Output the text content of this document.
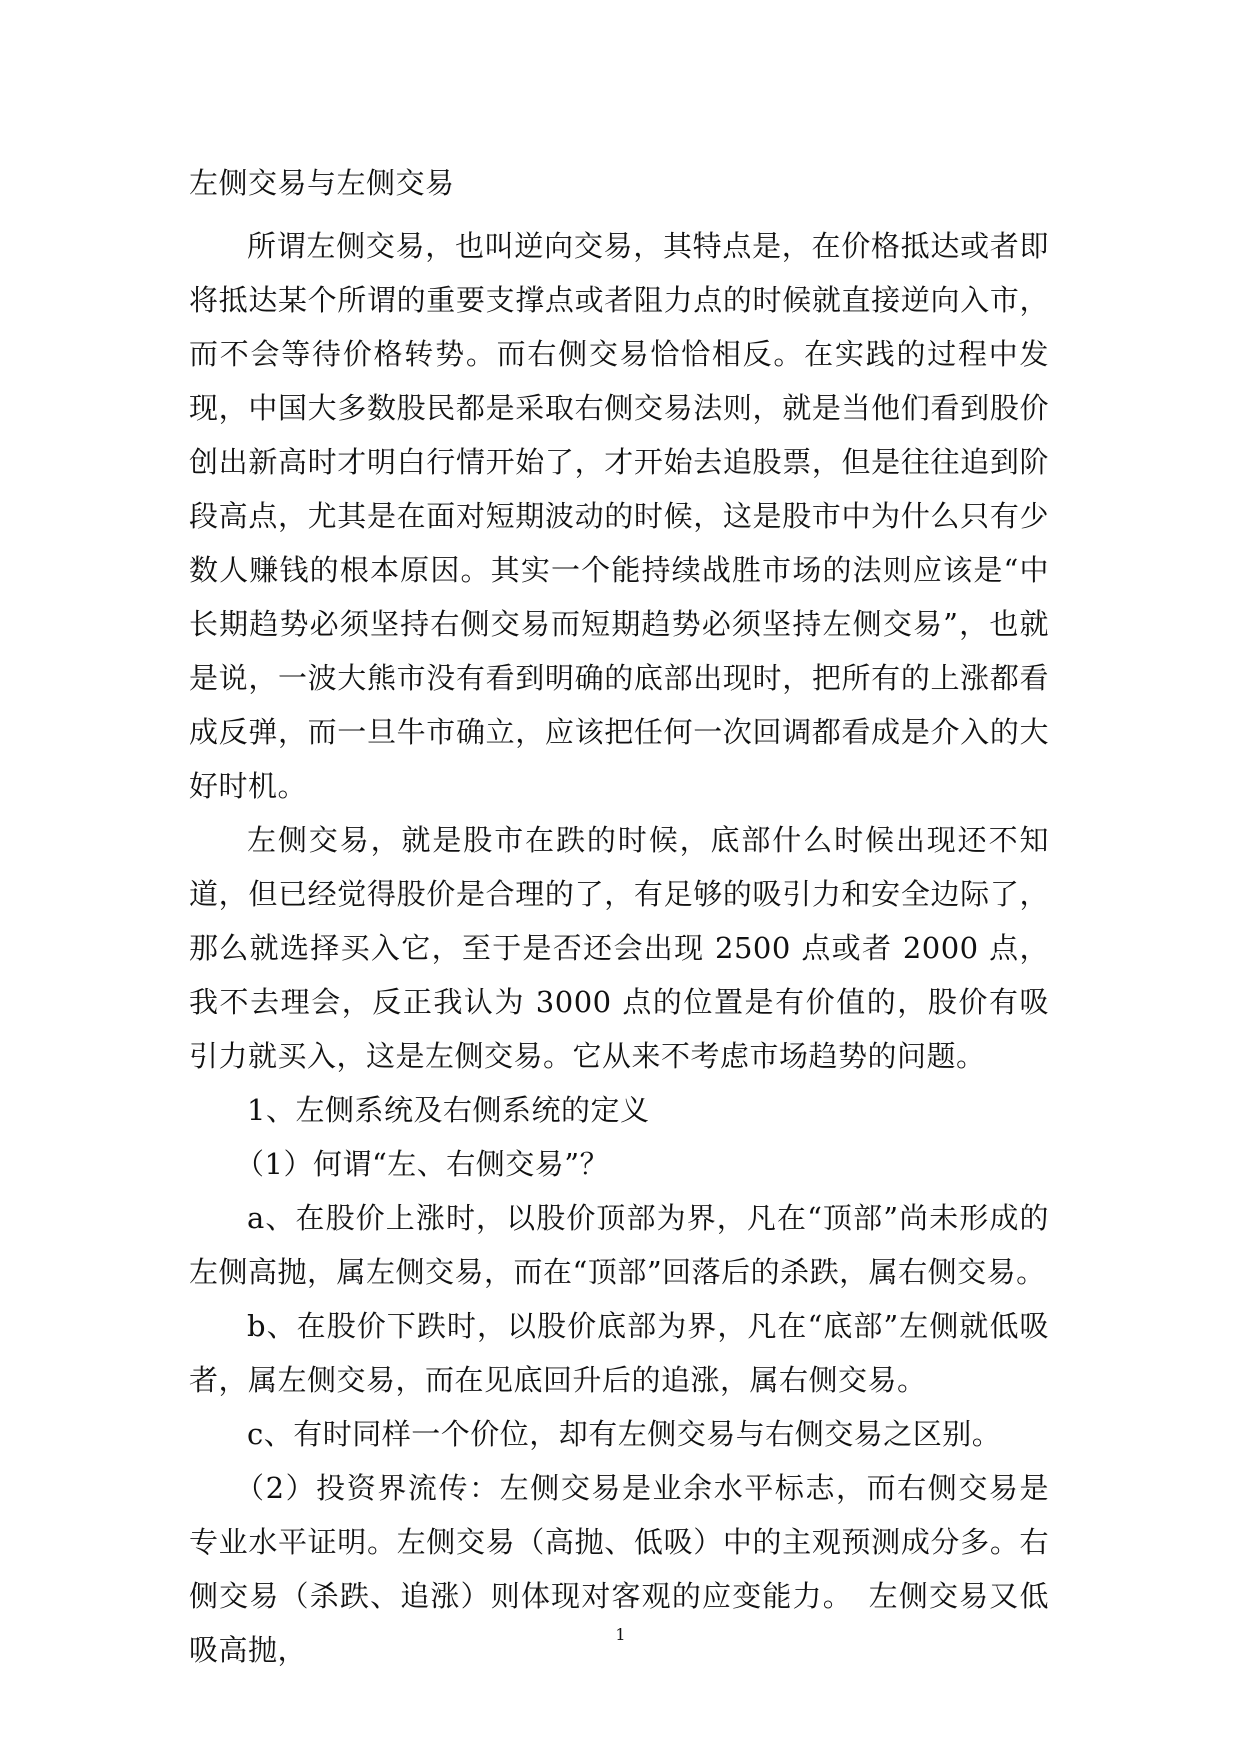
左侧交易与左侧交易

所谓左侧交易，也叫逆向交易，其特点是，在价格抵达或者即将抵达某个所谓的重要支撑点或者阻力点的时候就直接逆向入市，而不会等待价格转势。而右侧交易恰恰相反。在实践的过程中发现，中国大多数股民都是采取右侧交易法则，就是当他们看到股价创出新高时才明白行情开始了，才开始去追股票，但是往往追到阶段高点，尤其是在面对短期波动的时候，这是股市中为什么只有少数人赚钱的根本原因。其实一个能持续战胜市场的法则应该是“中长期趋势必须坚持右侧交易而短期趋势必须坚持左侧交易”，也就是说，一波大熊市没有看到明确的底部出现时，把所有的上涨都看成反弹，而一旦牛市确立，应该把任何一次回调都看成是介入的大好时机。

左侧交易，就是股市在跌的时候，底部什么时候出现还不知道，但已经觉得股价是合理的了，有足够的吸引力和安全边际了，那么就选择买入它，至于是否还会出现 2500 点或者 2000 点，我不去理会，反正我认为 3000 点的位置是有价值的，股价有吸引力就买入，这是左侧交易。它从来不考虑市场趋势的问题。

1、左侧系统及右侧系统的定义

（1）何谓“左、右侧交易”？

a、在股价上涨时，以股价顶部为界，凡在“顶部”尚未形成的左侧高抛，属左侧交易，而在“顶部”回落后的杀跌，属右侧交易。

b、在股价下跌时，以股价底部为界，凡在“底部”左侧就低吸者，属左侧交易，而在见底回升后的追涨，属右侧交易。

c、有时同样一个价位，却有左侧交易与右侧交易之区别。

（2）投资界流传：左侧交易是业余水平标志，而右侧交易是专业水平证明。左侧交易（高抛、低吸）中的主观预测成分多。右侧交易（杀跌、追涨）则体现对客观的应变能力。　左侧交易又低吸高抛，	1
